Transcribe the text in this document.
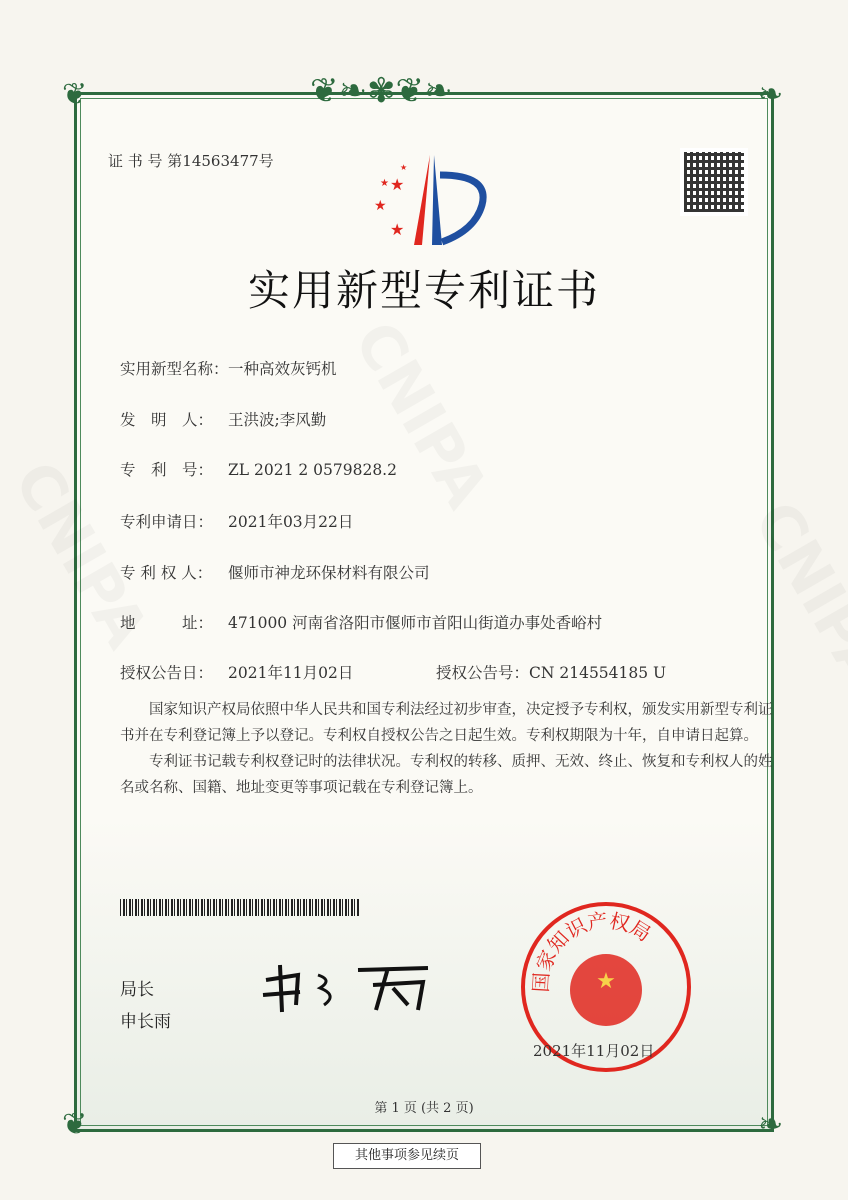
❦❧✾❦❧
❦	❧
❦	❧
证 书 号 第14563477号
★
★
★
★
★
实用新型专利证书
实用新型名称：一种高效灰钙机
发　明　人： 王洪波;李风勤
专　利　号： ZL 2021 2 0579828.2
专利申请日： 2021年03月22日
专 利 权 人： 偃师市神龙环保材料有限公司
地　　　址： 471000 河南省洛阳市偃师市首阳山街道办事处香峪村
授权公告日： 2021年11月02日	授权公告号：CN 214554185 U

国家知识产权局依照中华人民共和国专利法经过初步审查，决定授予专利权，颁发实用新型专利证书并在专利登记簿上予以登记。专利权自授权公告之日起生效。专利权期限为十年，自申请日起算。

专利证书记载专利权登记时的法律状况。专利权的转移、质押、无效、终止、恢复和专利权人的姓名或名称、国籍、地址变更等事项记载在专利登记簿上。

局长
申长雨
国家知识产权局
★
2021年11月02日
第 1 页 (共 2 页)
其他事项参见续页
